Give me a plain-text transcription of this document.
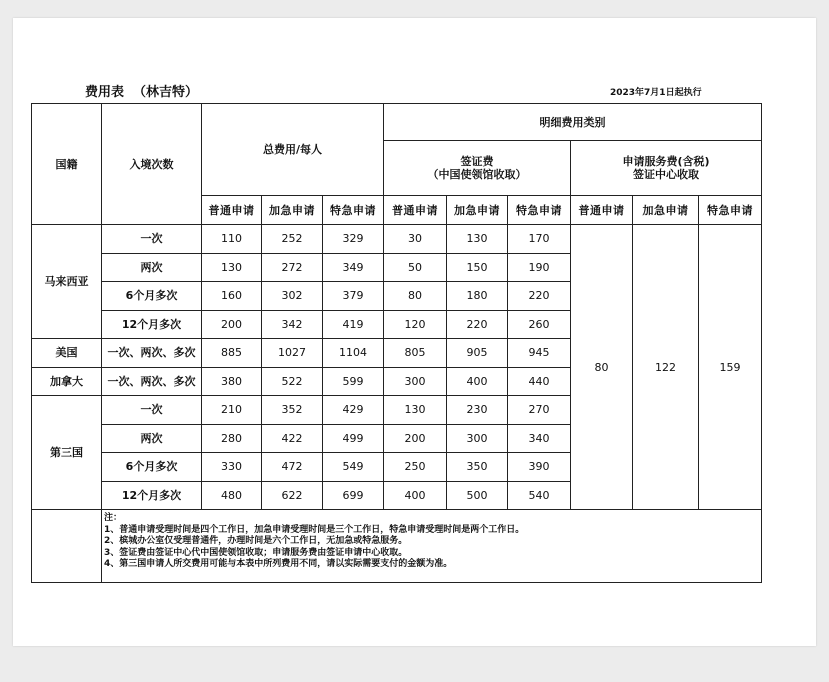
费用表  （林吉特）	2023年7月1日起执行
国籍	入境次数	总费用/每人			明细费用类别					
					签证费
（中国使领馆收取）			申请服务费(含税)
签证中心收取		
		普通申请	加急申请	特急申请	普通申请	加急申请	特急申请	普通申请	加急申请	特急申请
马来西亚	一次	110	252	329	30	130	170	80	122	159
	两次	130	272	349	50	150	190			
	6个月多次	160	302	379	80	180	220			
	12个月多次	200	342	419	120	220	260			
美国	一次、两次、多次	885	1027	1104	805	905	945			
加拿大	一次、两次、多次	380	522	599	300	400	440			
第三国	一次	210	352	429	130	230	270			
	两次	280	422	499	200	300	340			
	6个月多次	330	472	549	250	350	390			
	12个月多次	480	622	699	400	500	540			

	注：
1、普通申请受理时间是四个工作日，加急申请受理时间是三个工作日，特急申请受理时间是两个工作日。
2、槟城办公室仅受理普通件，办理时间是六个工作日，无加急或特急服务。
3、签证费由签证中心代中国使领馆收取；申请服务费由签证申请中心收取。
4、第三国申请人所交费用可能与本表中所列费用不同，请以实际需要支付的金额为准。									
